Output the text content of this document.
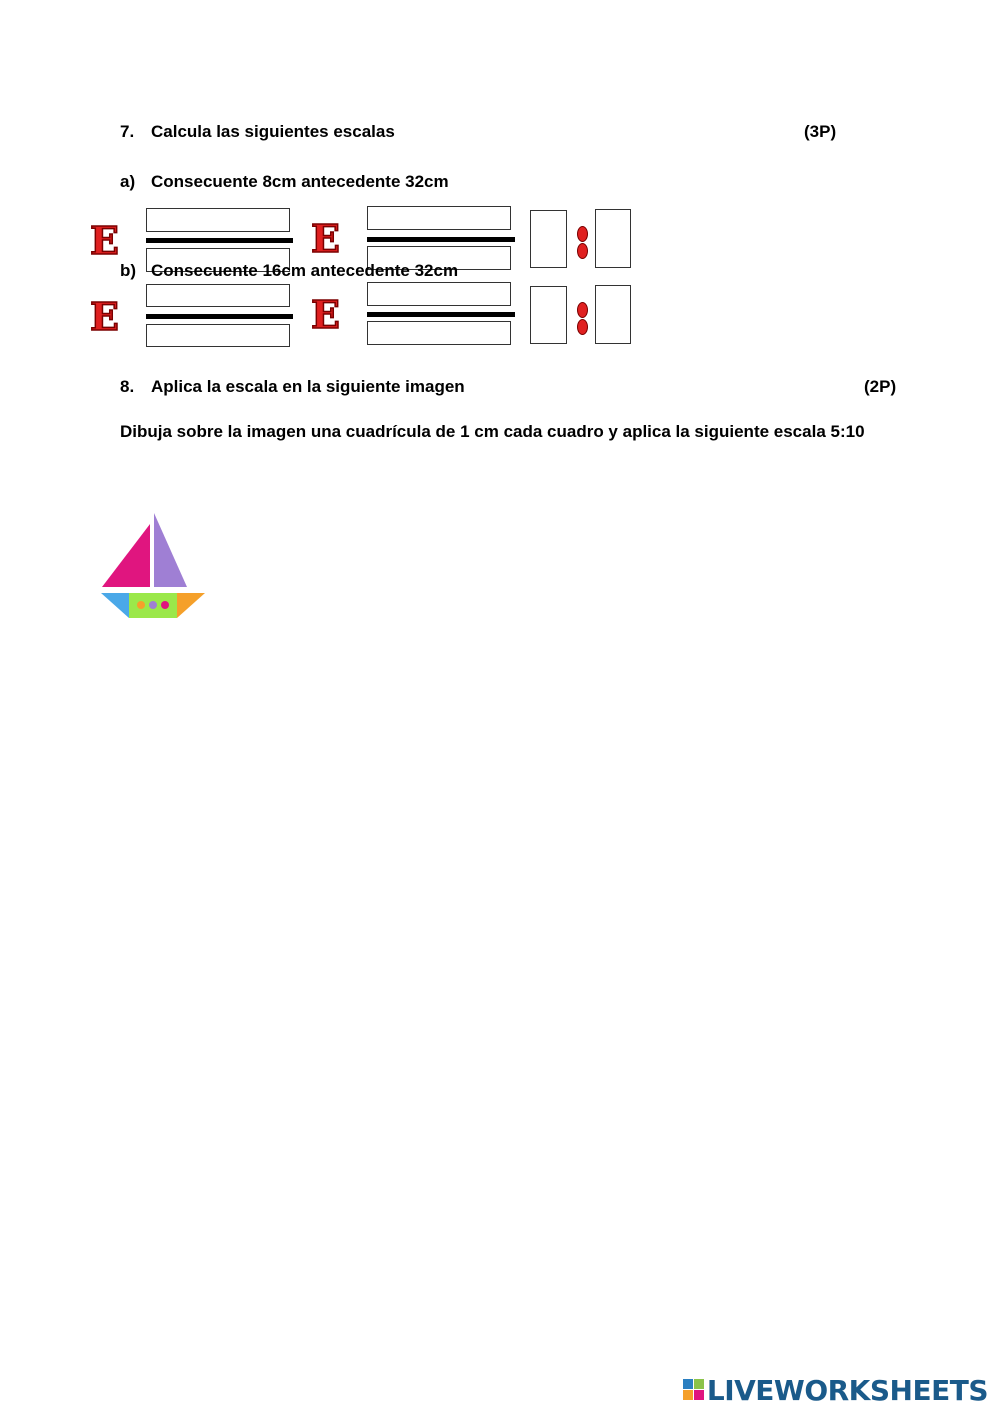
7. Calcula las siguientes escalas	(3P)
a) Consecuente 8cm antecedente 32cm
E	E
b) Consecuente 16cm antecedente 32cm
E	E
8. Aplica la escala en la siguiente imagen	(2P)
Dibuja sobre la imagen una cuadrícula de 1 cm cada cuadro y aplica la siguiente escala 5:10
LIVEWORKSHEETS
